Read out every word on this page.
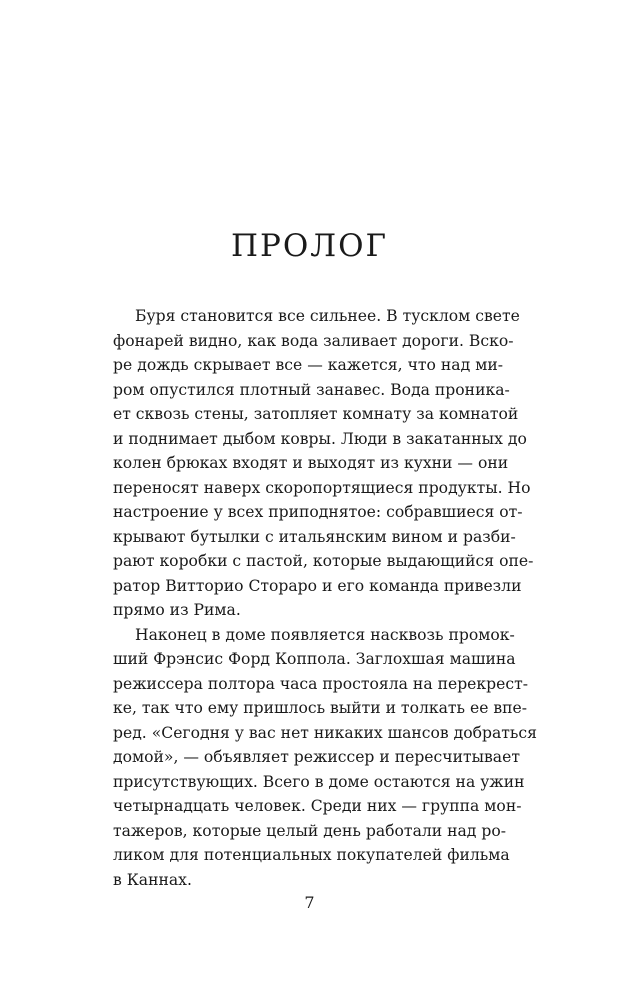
ПРОЛОГ
Буря становится все сильнее. В тусклом свете
фонарей видно, как вода заливает дороги. Вско-
ре дождь скрывает все — кажется, что над ми-
ром опустился плотный занавес. Вода проника-
ет сквозь стены, затопляет комнату за комнатой
и поднимает дыбом ковры. Люди в закатанных до
колен брюках входят и выходят из кухни — они
переносят наверх скоропортящиеся продукты. Но
настроение у всех приподнятое: собравшиеся от-
крывают бутылки с итальянским вином и разби-
рают коробки с пастой, которые выдающийся опе-
ратор Витторио Стораро и его команда привезли
прямо из Рима.
Наконец в доме появляется насквозь промок-
ший Фрэнсис Форд Коппола. Заглохшая машина
режиссера полтора часа простояла на перекрест-
ке, так что ему пришлось выйти и толкать ее впе-
ред. «Сегодня у вас нет никаких шансов добраться
домой», — объявляет режиссер и пересчитывает
присутствующих. Всего в доме остаются на ужин
четырнадцать человек. Среди них — группа мон-
тажеров, которые целый день работали над ро-
ликом для потенциальных покупателей фильма
в Каннах.
7
